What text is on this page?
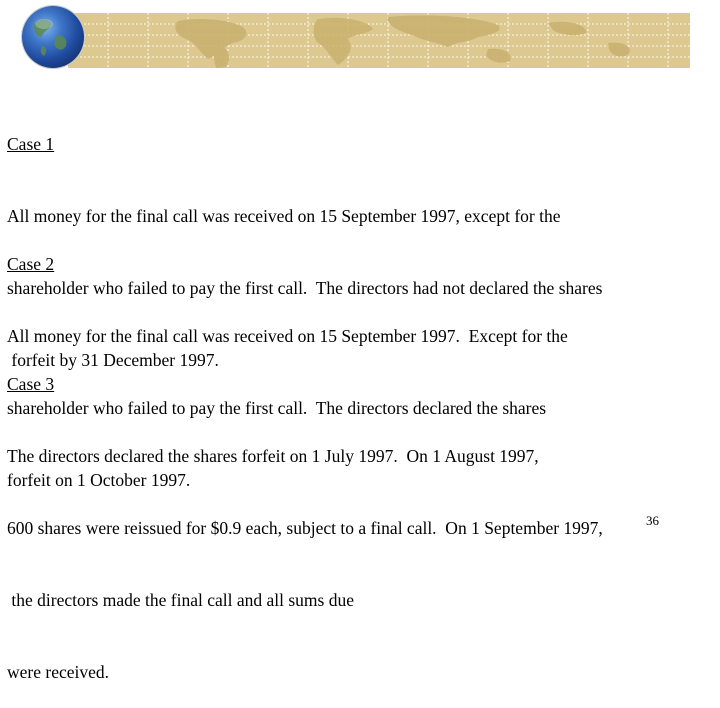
Case 1

All money for the final call was received on 15 September 1997, except for the

shareholder who failed to pay the first call.  The directors had not declared the shares

forfeit by 31 December 1997.

Case 2

All money for the final call was received on 15 September 1997.  Except for the

shareholder who failed to pay the first call.  The directors declared the shares

forfeit on 1 October 1997.

Case 3

The directors declared the shares forfeit on 1 July 1997.  On 1 August 1997,

600 shares were reissued for $0.9 each, subject to a final call.  On 1 September 1997,

the directors made the final call and all sums due

were received.

36
